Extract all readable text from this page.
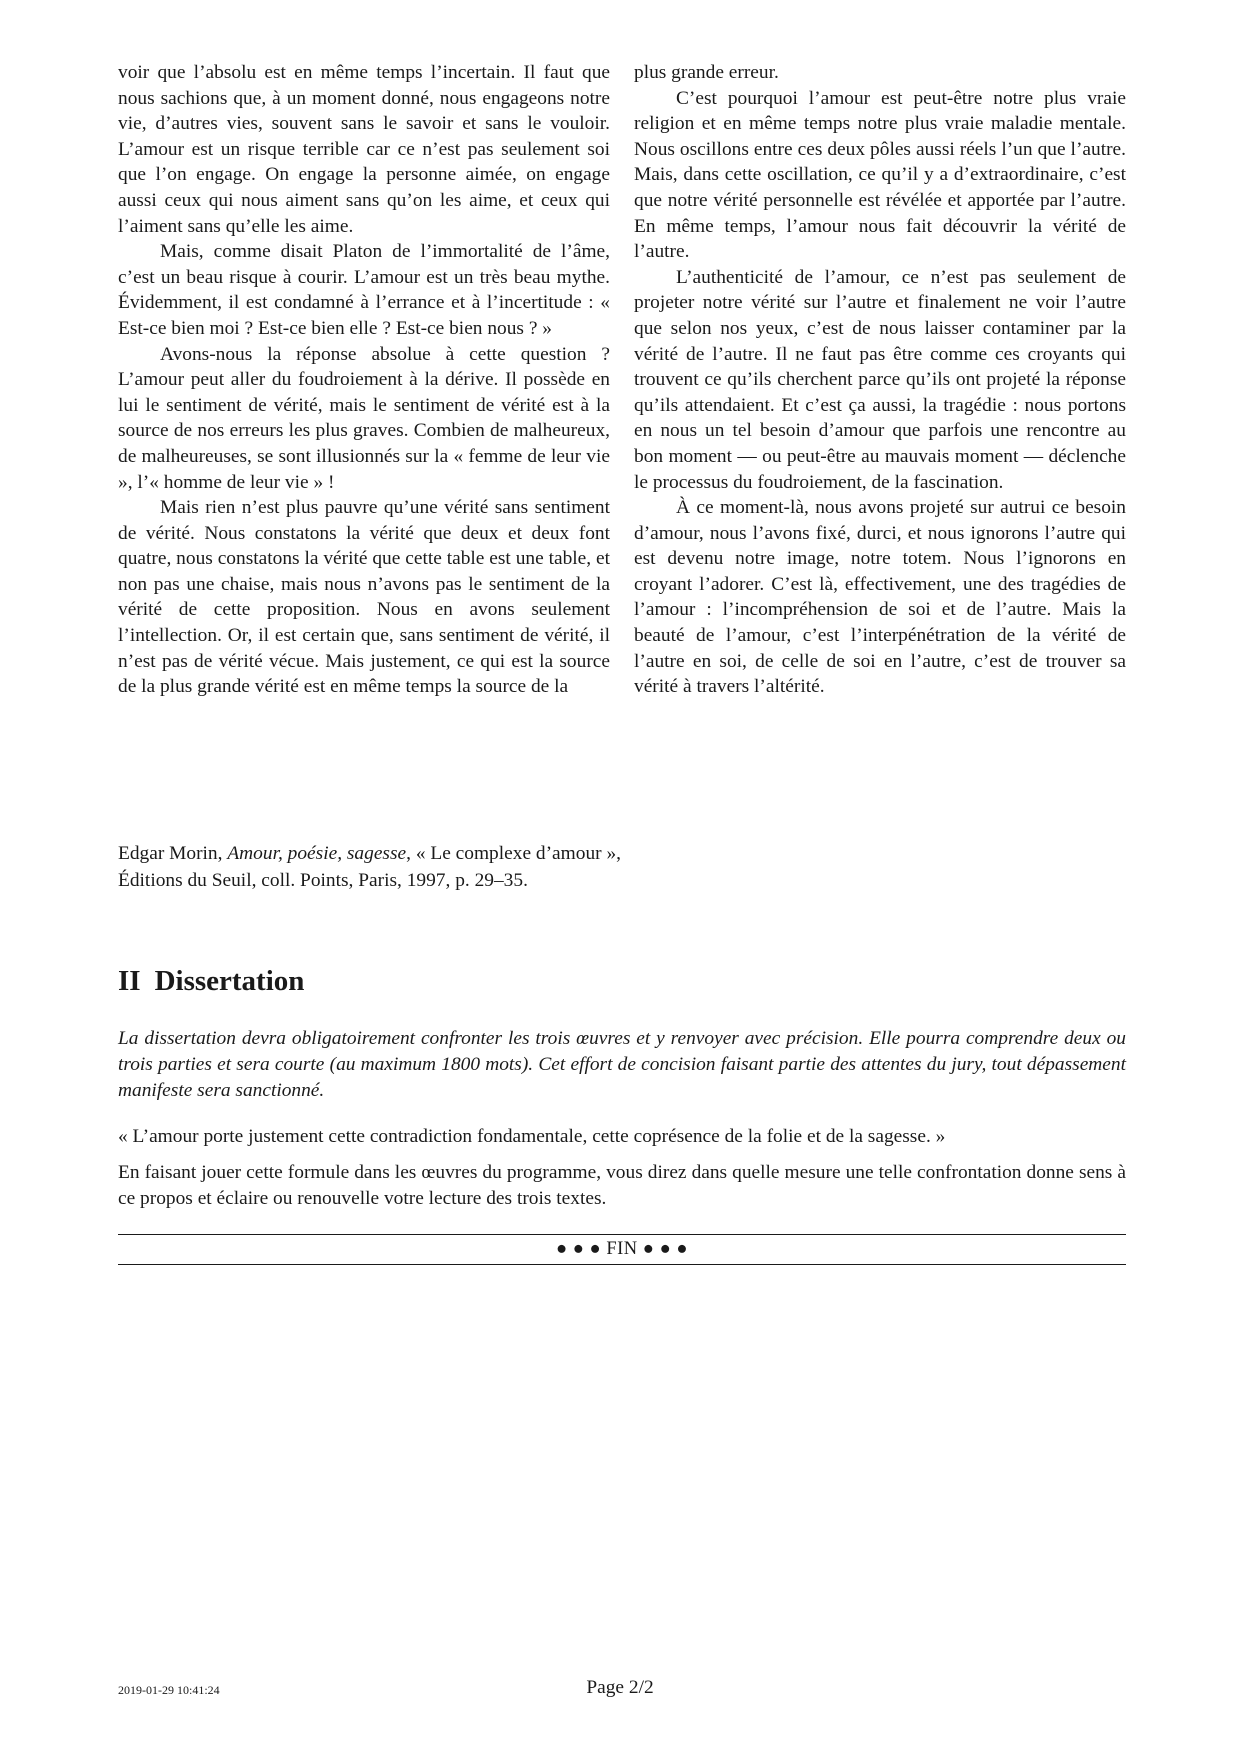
voir que l’absolu est en même temps l’incertain. Il faut que nous sachions que, à un moment donné, nous engageons notre vie, d’autres vies, souvent sans le savoir et sans le vouloir. L’amour est un risque terrible car ce n’est pas seulement soi que l’on engage. On engage la personne aimée, on engage aussi ceux qui nous aiment sans qu’on les aime, et ceux qui l’aiment sans qu’elle les aime.

Mais, comme disait Platon de l’immortalité de l’âme, c’est un beau risque à courir. L’amour est un très beau mythe. Évidemment, il est condamné à l’errance et à l’incertitude : « Est-ce bien moi ? Est-ce bien elle ? Est-ce bien nous ? »

Avons-nous la réponse absolue à cette question ? L’amour peut aller du foudroiement à la dérive. Il possède en lui le sentiment de vérité, mais le sentiment de vérité est à la source de nos erreurs les plus graves. Combien de malheureux, de malheureuses, se sont illusionnés sur la « femme de leur vie », l’« homme de leur vie » !

Mais rien n’est plus pauvre qu’une vérité sans sentiment de vérité. Nous constatons la vérité que deux et deux font quatre, nous constatons la vérité que cette table est une table, et non pas une chaise, mais nous n’avons pas le sentiment de la vérité de cette proposition. Nous en avons seulement l’intellection. Or, il est certain que, sans sentiment de vérité, il n’est pas de vérité vécue. Mais justement, ce qui est la source de la plus grande vérité est en même temps la source de la

plus grande erreur.

C’est pourquoi l’amour est peut-être notre plus vraie religion et en même temps notre plus vraie maladie mentale. Nous oscillons entre ces deux pôles aussi réels l’un que l’autre. Mais, dans cette oscillation, ce qu’il y a d’extraordinaire, c’est que notre vérité personnelle est révélée et apportée par l’autre. En même temps, l’amour nous fait découvrir la vérité de l’autre.

L’authenticité de l’amour, ce n’est pas seulement de projeter notre vérité sur l’autre et finalement ne voir l’autre que selon nos yeux, c’est de nous laisser contaminer par la vérité de l’autre. Il ne faut pas être comme ces croyants qui trouvent ce qu’ils cherchent parce qu’ils ont projeté la réponse qu’ils attendaient. Et c’est ça aussi, la tragédie : nous portons en nous un tel besoin d’amour que parfois une rencontre au bon moment — ou peut-être au mauvais moment — déclenche le processus du foudroiement, de la fascination.

À ce moment-là, nous avons projeté sur autrui ce besoin d’amour, nous l’avons fixé, durci, et nous ignorons l’autre qui est devenu notre image, notre totem. Nous l’ignorons en croyant l’adorer. C’est là, effectivement, une des tragédies de l’amour : l’incompréhension de soi et de l’autre. Mais la beauté de l’amour, c’est l’interpénétration de la vérité de l’autre en soi, de celle de soi en l’autre, c’est de trouver sa vérité à travers l’altérité.

Edgar Morin, Amour, poésie, sagesse, « Le complexe d’amour »,
Éditions du Seuil, coll. Points, Paris, 1997, p. 29–35.
II Dissertation

La dissertation devra obligatoirement confronter les trois œuvres et y renvoyer avec précision. Elle pourra comprendre deux ou trois parties et sera courte (au maximum 1800 mots). Cet effort de concision faisant partie des attentes du jury, tout dépassement manifeste sera sanctionné.

« L’amour porte justement cette contradiction fondamentale, cette coprésence de la folie et de la sagesse. »

En faisant jouer cette formule dans les œuvres du programme, vous direz dans quelle mesure une telle confrontation donne sens à ce propos et éclaire ou renouvelle votre lecture des trois textes.

● ● ● FIN ● ● ●
2019-01-29 10:41:24	Page 2/2
